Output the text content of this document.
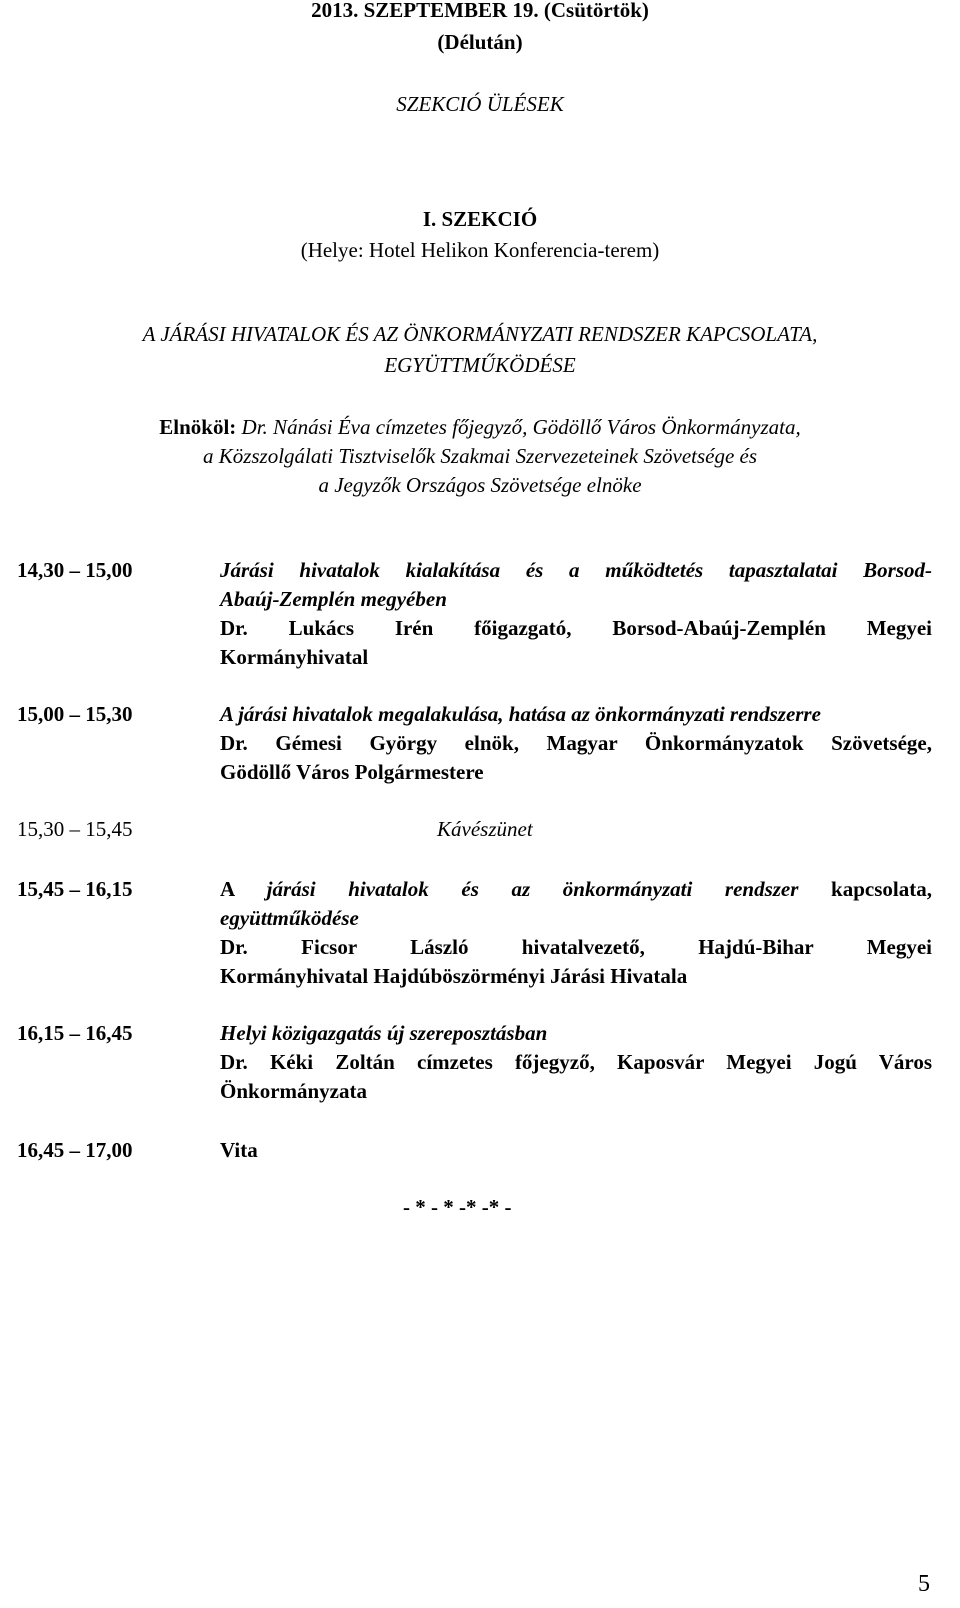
2013. SZEPTEMBER 19. (Csütörtök)
(Délután)
SZEKCIÓ ÜLÉSEK
I. SZEKCIÓ
(Helye: Hotel Helikon Konferencia-terem)
A JÁRÁSI HIVATALOK ÉS AZ ÖNKORMÁNYZATI RENDSZER KAPCSOLATA,
EGYÜTTMŰKÖDÉSE
Elnököl: Dr. Nánási Éva címzetes főjegyző, Gödöllő Város Önkormányzata,
a Közszolgálati Tisztviselők Szakmai Szervezeteinek Szövetsége és
a Jegyzők Országos Szövetsége elnöke
14,30 – 15,00	Járási hivatalok kialakítása és a működtetés tapasztalatai Borsod-
Abaúj-Zemplén megyében
Dr. Lukács Irén főigazgató, Borsod-Abaúj-Zemplén Megyei
Kormányhivatal
15,00 – 15,30	A járási hivatalok megalakulása, hatása az önkormányzati rendszerre
Dr. Gémesi György elnök, Magyar Önkormányzatok Szövetsége,
Gödöllő Város Polgármestere
15,30 – 15,45	Kávészünet
15,45 – 16,15	A járási hivatalok és az önkormányzati rendszer kapcsolata,
együttműködése
Dr. Ficsor László hivatalvezető, Hajdú-Bihar Megyei
Kormányhivatal Hajdúböszörményi Járási Hivatala
16,15 – 16,45	Helyi közigazgatás új szereposztásban
Dr. Kéki Zoltán címzetes főjegyző, Kaposvár Megyei Jogú Város
Önkormányzata
16,45 – 17,00	Vita
- * - * -* -* -
5
